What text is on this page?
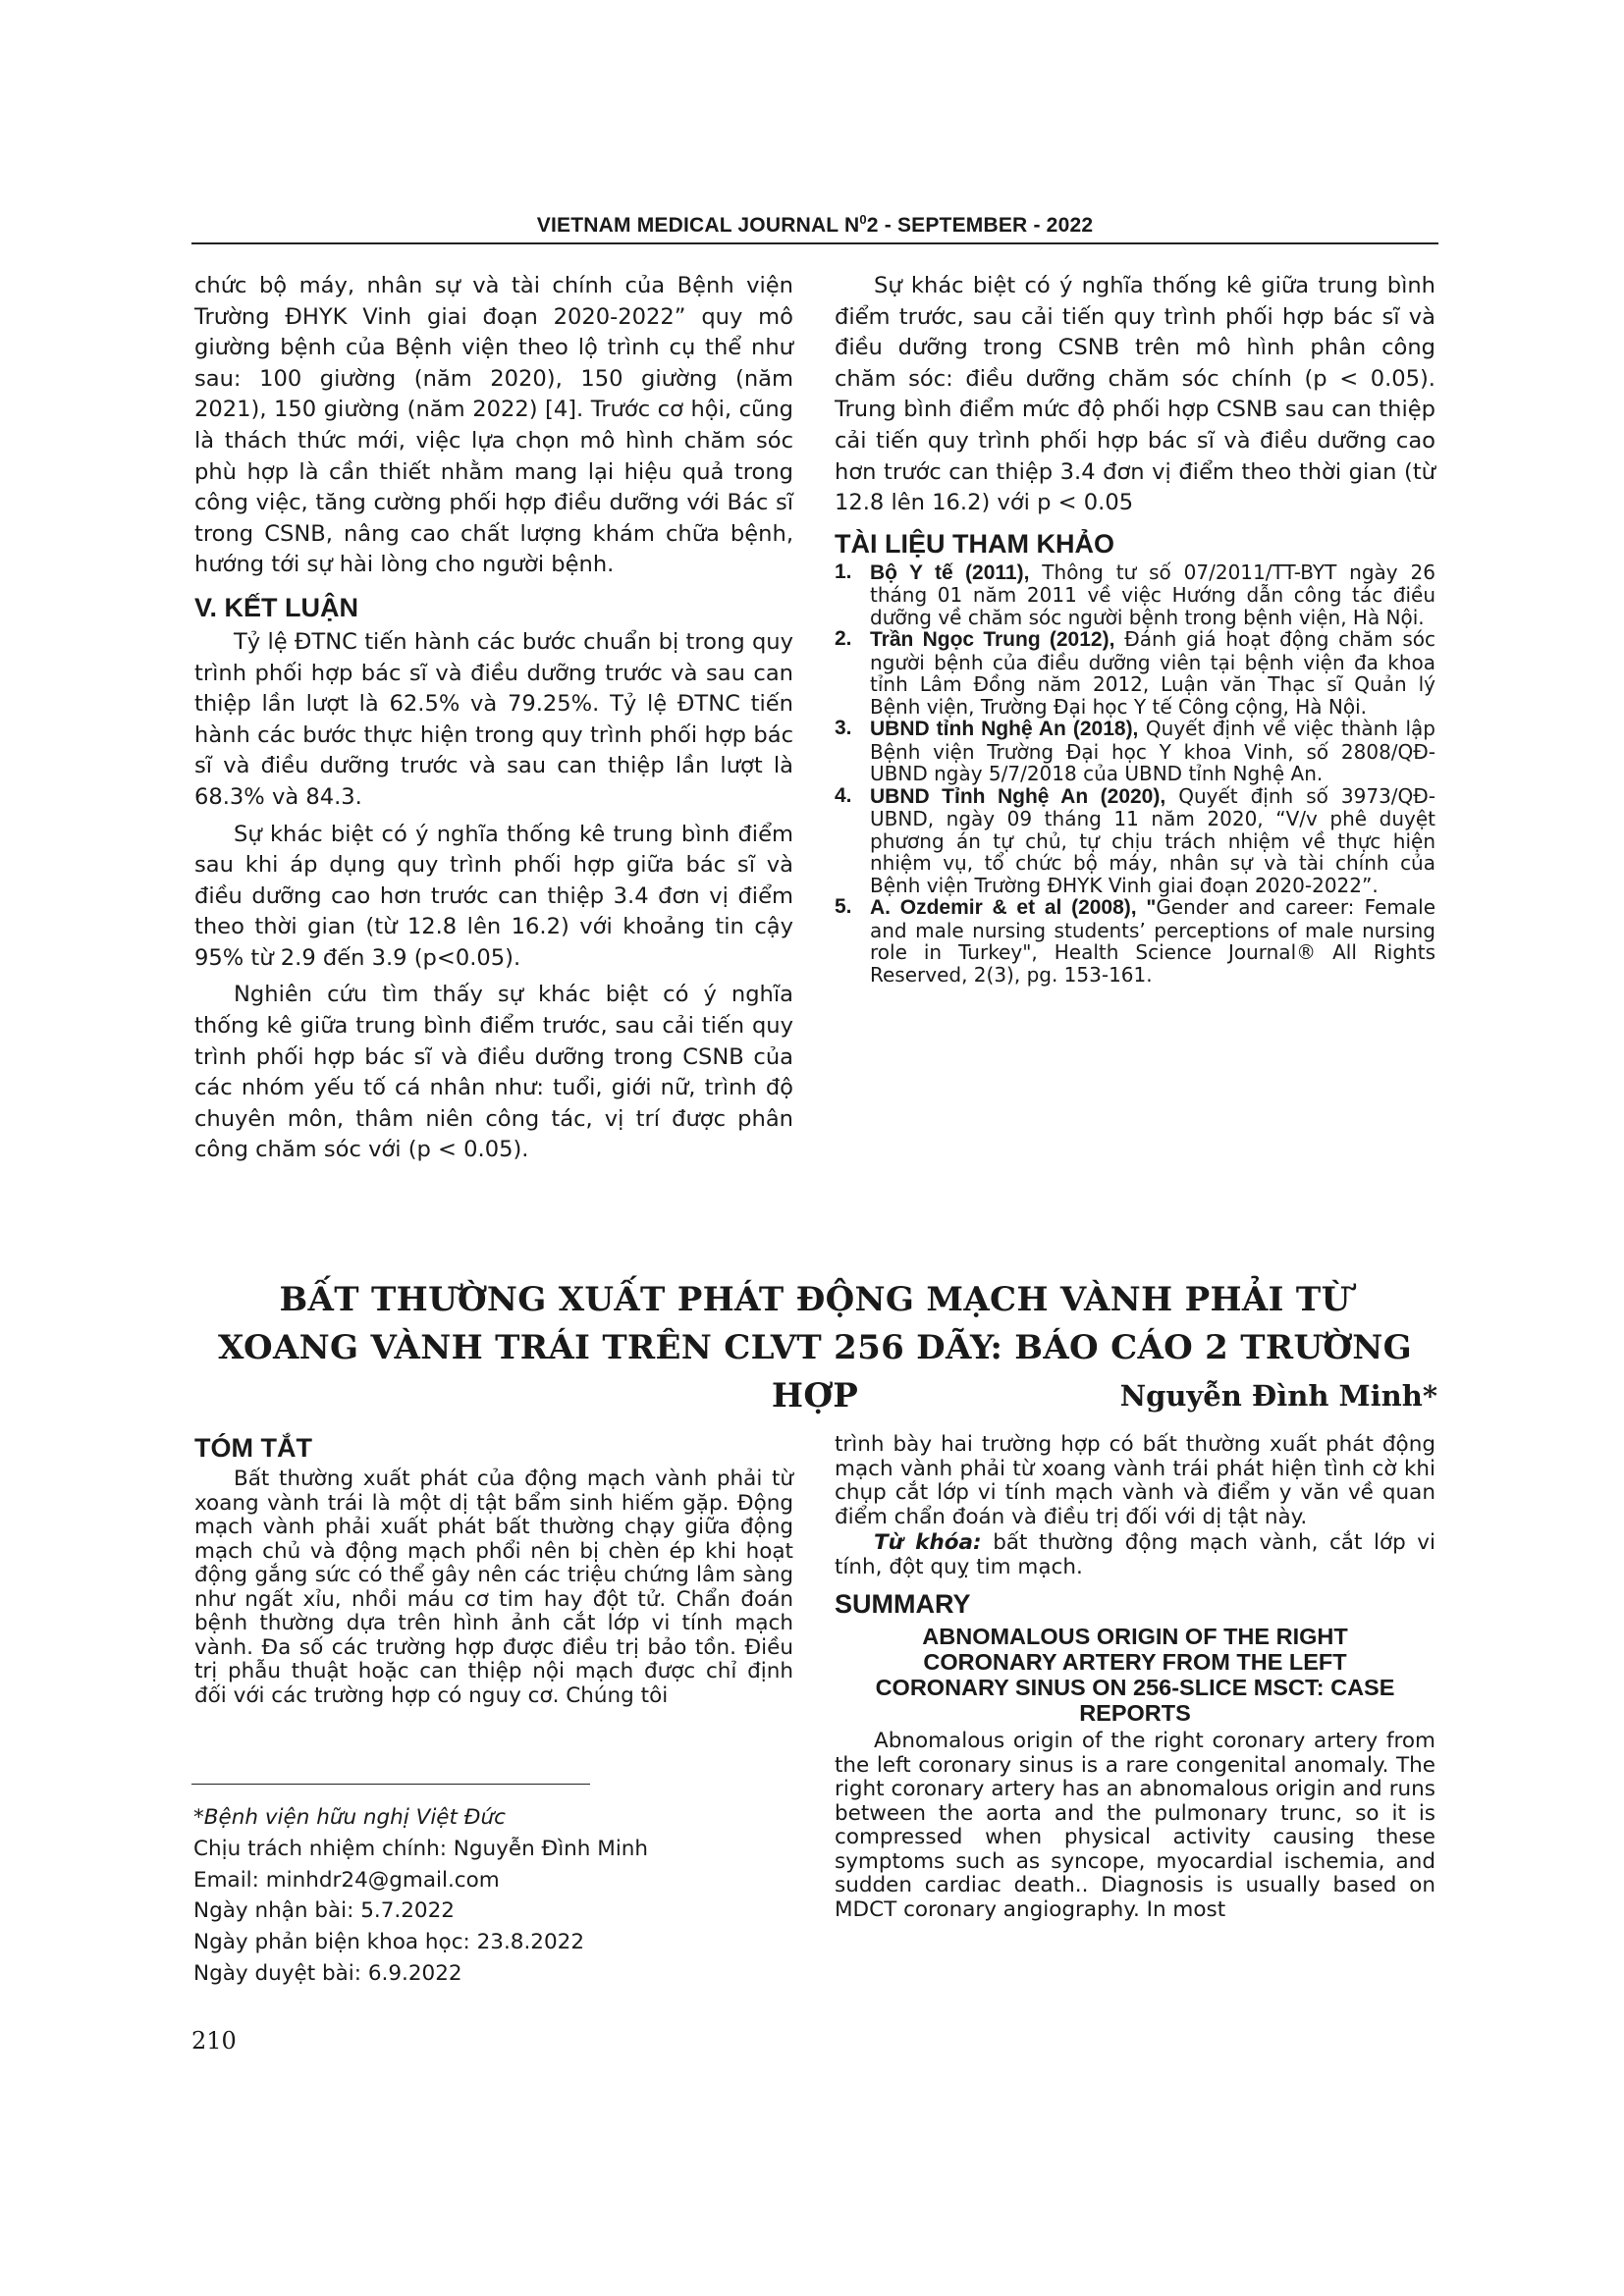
VIETNAM MEDICAL JOURNAL $N^02$ - SEPTEMBER - 2022

chức bộ máy, nhân sự và tài chính của Bệnh viện Trường ĐHYK Vinh giai đoạn 2020-2022” quy mô giường bệnh của Bệnh viện theo lộ trình cụ thể như sau: 100 giường (năm 2020), 150 giường (năm 2021), 150 giường (năm 2022) [4]. Trước cơ hội, cũng là thách thức mới, việc lựa chọn mô hình chăm sóc phù hợp là cần thiết nhằm mang lại hiệu quả trong công việc, tăng cường phối hợp điều dưỡng với Bác sĩ trong CSNB, nâng cao chất lượng khám chữa bệnh, hướng tới sự hài lòng cho người bệnh.

V. KẾT LUẬN

Tỷ lệ ĐTNC tiến hành các bước chuẩn bị trong quy trình phối hợp bác sĩ và điều dưỡng trước và sau can thiệp lần lượt là 62.5% và 79.25%. Tỷ lệ ĐTNC tiến hành các bước thực hiện trong quy trình phối hợp bác sĩ và điều dưỡng trước và sau can thiệp lần lượt là 68.3% và 84.3.

Sự khác biệt có ý nghĩa thống kê trung bình điểm sau khi áp dụng quy trình phối hợp giữa bác sĩ và điều dưỡng cao hơn trước can thiệp 3.4 đơn vị điểm theo thời gian (từ 12.8 lên 16.2) với khoảng tin cậy 95% từ 2.9 đến 3.9 (p<0.05).

Nghiên cứu tìm thấy sự khác biệt có ý nghĩa thống kê giữa trung bình điểm trước, sau cải tiến quy trình phối hợp bác sĩ và điều dưỡng trong CSNB của các nhóm yếu tố cá nhân như: tuổi, giới nữ, trình độ chuyên môn, thâm niên công tác, vị trí được phân công chăm sóc với (p < 0.05).

Sự khác biệt có ý nghĩa thống kê giữa trung bình điểm trước, sau cải tiến quy trình phối hợp bác sĩ và điều dưỡng trong CSNB trên mô hình phân công chăm sóc: điều dưỡng chăm sóc chính (p < 0.05). Trung bình điểm mức độ phối hợp CSNB sau can thiệp cải tiến quy trình phối hợp bác sĩ và điều dưỡng cao hơn trước can thiệp 3.4 đơn vị điểm theo thời gian (từ 12.8 lên 16.2) với p < 0.05

TÀI LIỆU THAM KHẢO
1. Bộ Y tế (2011), Thông tư số 07/2011/TT-BYT ngày 26 tháng 01 năm 2011 về việc Hướng dẫn công tác điều dưỡng về chăm sóc người bệnh trong bệnh viện, Hà Nội.
2. Trần Ngọc Trung (2012), Đánh giá hoạt động chăm sóc người bệnh của điều dưỡng viên tại bệnh viện đa khoa tỉnh Lâm Đồng năm 2012, Luận văn Thạc sĩ Quản lý Bệnh viện, Trường Đại học Y tế Công cộng, Hà Nội.
3. UBND tỉnh Nghệ An (2018), Quyết định về việc thành lập Bệnh viện Trường Đại học Y khoa Vinh, số 2808/QĐ-UBND ngày 5/7/2018 của UBND tỉnh Nghệ An.
4. UBND Tỉnh Nghệ An (2020), Quyết định số 3973/QĐ-UBND, ngày 09 tháng 11 năm 2020, “V/v phê duyệt phương án tự chủ, tự chịu trách nhiệm về thực hiện nhiệm vụ, tổ chức bộ máy, nhân sự và tài chính của Bệnh viện Trường ĐHYK Vinh giai đoạn 2020-2022”.
5. A. Ozdemir & et al (2008), "Gender and career: Female and male nursing students’ perceptions of male nursing role in Turkey", Health Science Journal® All Rights Reserved, 2(3), pg. 153-161.
BẤT THƯỜNG XUẤT PHÁT ĐỘNG MẠCH VÀNH PHẢI TỪ
XOANG VÀNH TRÁI TRÊN CLVT 256 DÃY: BÁO CÁO 2 TRƯỜNG HỢP	Nguyễn Đình Minh*
TÓM TẮT

Bất thường xuất phát của động mạch vành phải từ xoang vành trái là một dị tật bẩm sinh hiếm gặp. Động mạch vành phải xuất phát bất thường chạy giữa động mạch chủ và động mạch phổi nên bị chèn ép khi hoạt động gắng sức có thể gây nên các triệu chứng lâm sàng như ngất xỉu, nhồi máu cơ tim hay đột tử. Chẩn đoán bệnh thường dựa trên hình ảnh cắt lớp vi tính mạch vành. Đa số các trường hợp được điều trị bảo tồn. Điều trị phẫu thuật hoặc can thiệp nội mạch được chỉ định đối với các trường hợp có nguy cơ. Chúng tôi

trình bày hai trường hợp có bất thường xuất phát động mạch vành phải từ xoang vành trái phát hiện tình cờ khi chụp cắt lớp vi tính mạch vành và điểm y văn về quan điểm chẩn đoán và điều trị đối với dị tật này.

Từ khóa: bất thường động mạch vành, cắt lớp vi tính, đột quỵ tim mạch.

SUMMARY

ABNOMALOUS ORIGIN OF THE RIGHT CORONARY ARTERY FROM THE LEFT CORONARY SINUS ON 256-SLICE MSCT: CASE REPORTS

Abnomalous origin of the right coronary artery from the left coronary sinus is a rare congenital anomaly. The right coronary artery has an abnomalous origin and runs between the aorta and the pulmonary trunc, so it is compressed when physical activity causing these symptoms such as syncope, myocardial ischemia, and sudden cardiac death.. Diagnosis is usually based on MDCT coronary angiography. In most

*Bệnh viện hữu nghị Việt Đức
Chịu trách nhiệm chính: Nguyễn Đình Minh
Email: minhdr24@gmail.com
Ngày nhận bài: 5.7.2022
Ngày phản biện khoa học: 23.8.2022
Ngày duyệt bài: 6.9.2022
210
